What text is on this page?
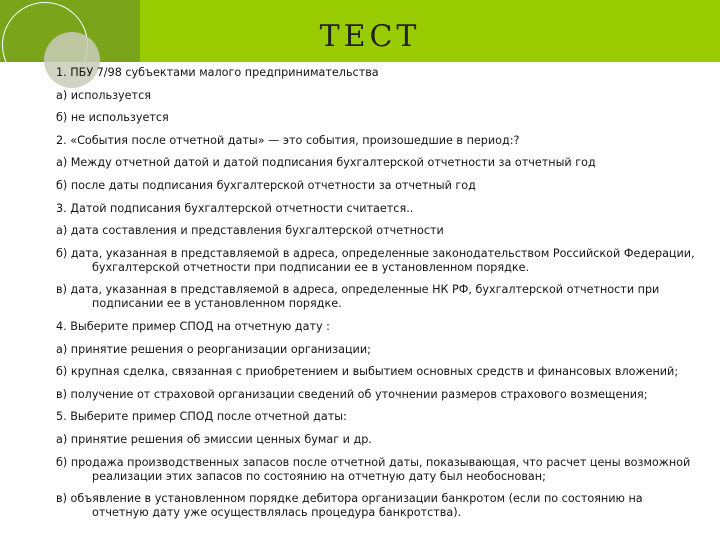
ТЕСТ
1. ПБУ 7/98 субъектами малого предпринимательства
а) используется
б) не используется
2. «События после отчетной даты» — это события, произошедшие в период:?
а) Между отчетной датой и датой подписания бухгалтерской отчетности за отчетный год
б) после даты подписания бухгалтерской отчетности за отчетный год
3. Датой подписания бухгалтерской отчетности считается..
а) дата составления и представления бухгалтерской отчетности
б) дата, указанная в представляемой в адреса, определенные законодательством Российской Федерации, бухгалтерской отчетности при подписании ее в установленном порядке.
в) дата, указанная в представляемой в адреса, определенные НК РФ, бухгалтерской отчетности при подписании ее в установленном порядке.
4. Выберите пример СПОД на отчетную дату :
а) принятие решения о реорганизации организации;
б) крупная сделка, связанная с приобретением и выбытием основных средств и финансовых вложений;
в) получение от страховой организации сведений об уточнении размеров страхового возмещения;
5. Выберите пример СПОД после отчетной даты:
а) принятие решения об эмиссии ценных бумаг и др.
б) продажа производственных запасов после отчетной даты, показывающая, что расчет цены возможной реализации этих запасов по состоянию на отчетную дату был необоснован;
в) объявление в установленном порядке дебитора организации банкротом (если по состоянию на отчетную дату уже осуществлялась процедура банкротства).
